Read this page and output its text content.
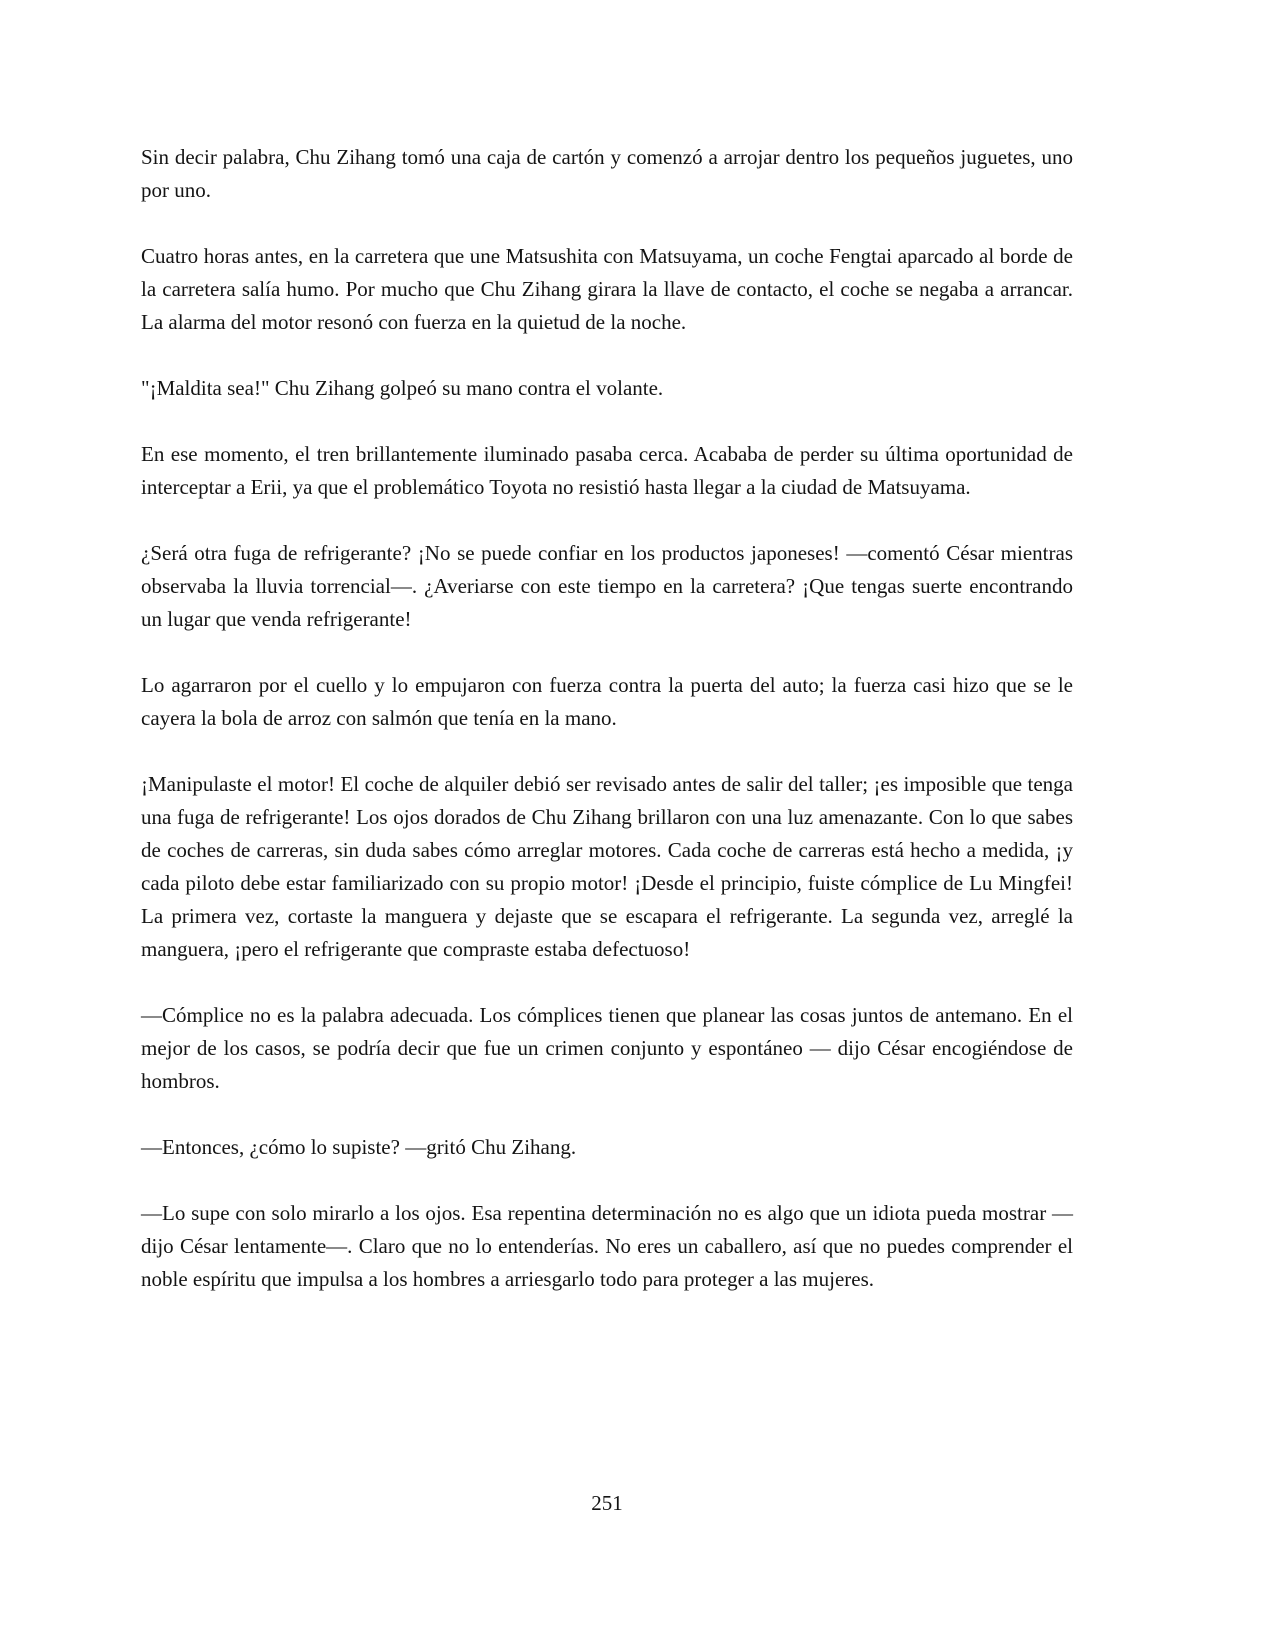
Sin decir palabra, Chu Zihang tomó una caja de cartón y comenzó a arrojar dentro los pequeños juguetes, uno por uno.

Cuatro horas antes, en la carretera que une Matsushita con Matsuyama, un coche Fengtai aparcado al borde de la carretera salía humo. Por mucho que Chu Zihang girara la llave de contacto, el coche se negaba a arrancar. La alarma del motor resonó con fuerza en la quietud de la noche.

"¡Maldita sea!" Chu Zihang golpeó su mano contra el volante.

En ese momento, el tren brillantemente iluminado pasaba cerca. Acababa de perder su última oportunidad de interceptar a Erii, ya que el problemático Toyota no resistió hasta llegar a la ciudad de Matsuyama.

¿Será otra fuga de refrigerante? ¡No se puede confiar en los productos japoneses! —comentó César mientras observaba la lluvia torrencial—. ¿Averiarse con este tiempo en la carretera? ¡Que tengas suerte encontrando un lugar que venda refrigerante!

Lo agarraron por el cuello y lo empujaron con fuerza contra la puerta del auto; la fuerza casi hizo que se le cayera la bola de arroz con salmón que tenía en la mano.

¡Manipulaste el motor! El coche de alquiler debió ser revisado antes de salir del taller; ¡es imposible que tenga una fuga de refrigerante! Los ojos dorados de Chu Zihang brillaron con una luz amenazante. Con lo que sabes de coches de carreras, sin duda sabes cómo arreglar motores. Cada coche de carreras está hecho a medida, ¡y cada piloto debe estar familiarizado con su propio motor! ¡Desde el principio, fuiste cómplice de Lu Mingfei! La primera vez, cortaste la manguera y dejaste que se escapara el refrigerante. La segunda vez, arreglé la manguera, ¡pero el refrigerante que compraste estaba defectuoso!

—Cómplice no es la palabra adecuada. Los cómplices tienen que planear las cosas juntos de antemano. En el mejor de los casos, se podría decir que fue un crimen conjunto y espontáneo — dijo César encogiéndose de hombros.

—Entonces, ¿cómo lo supiste? —gritó Chu Zihang.

—Lo supe con solo mirarlo a los ojos. Esa repentina determinación no es algo que un idiota pueda mostrar —dijo César lentamente—. Claro que no lo entenderías. No eres un caballero, así que no puedes comprender el noble espíritu que impulsa a los hombres a arriesgarlo todo para proteger a las mujeres.

251
